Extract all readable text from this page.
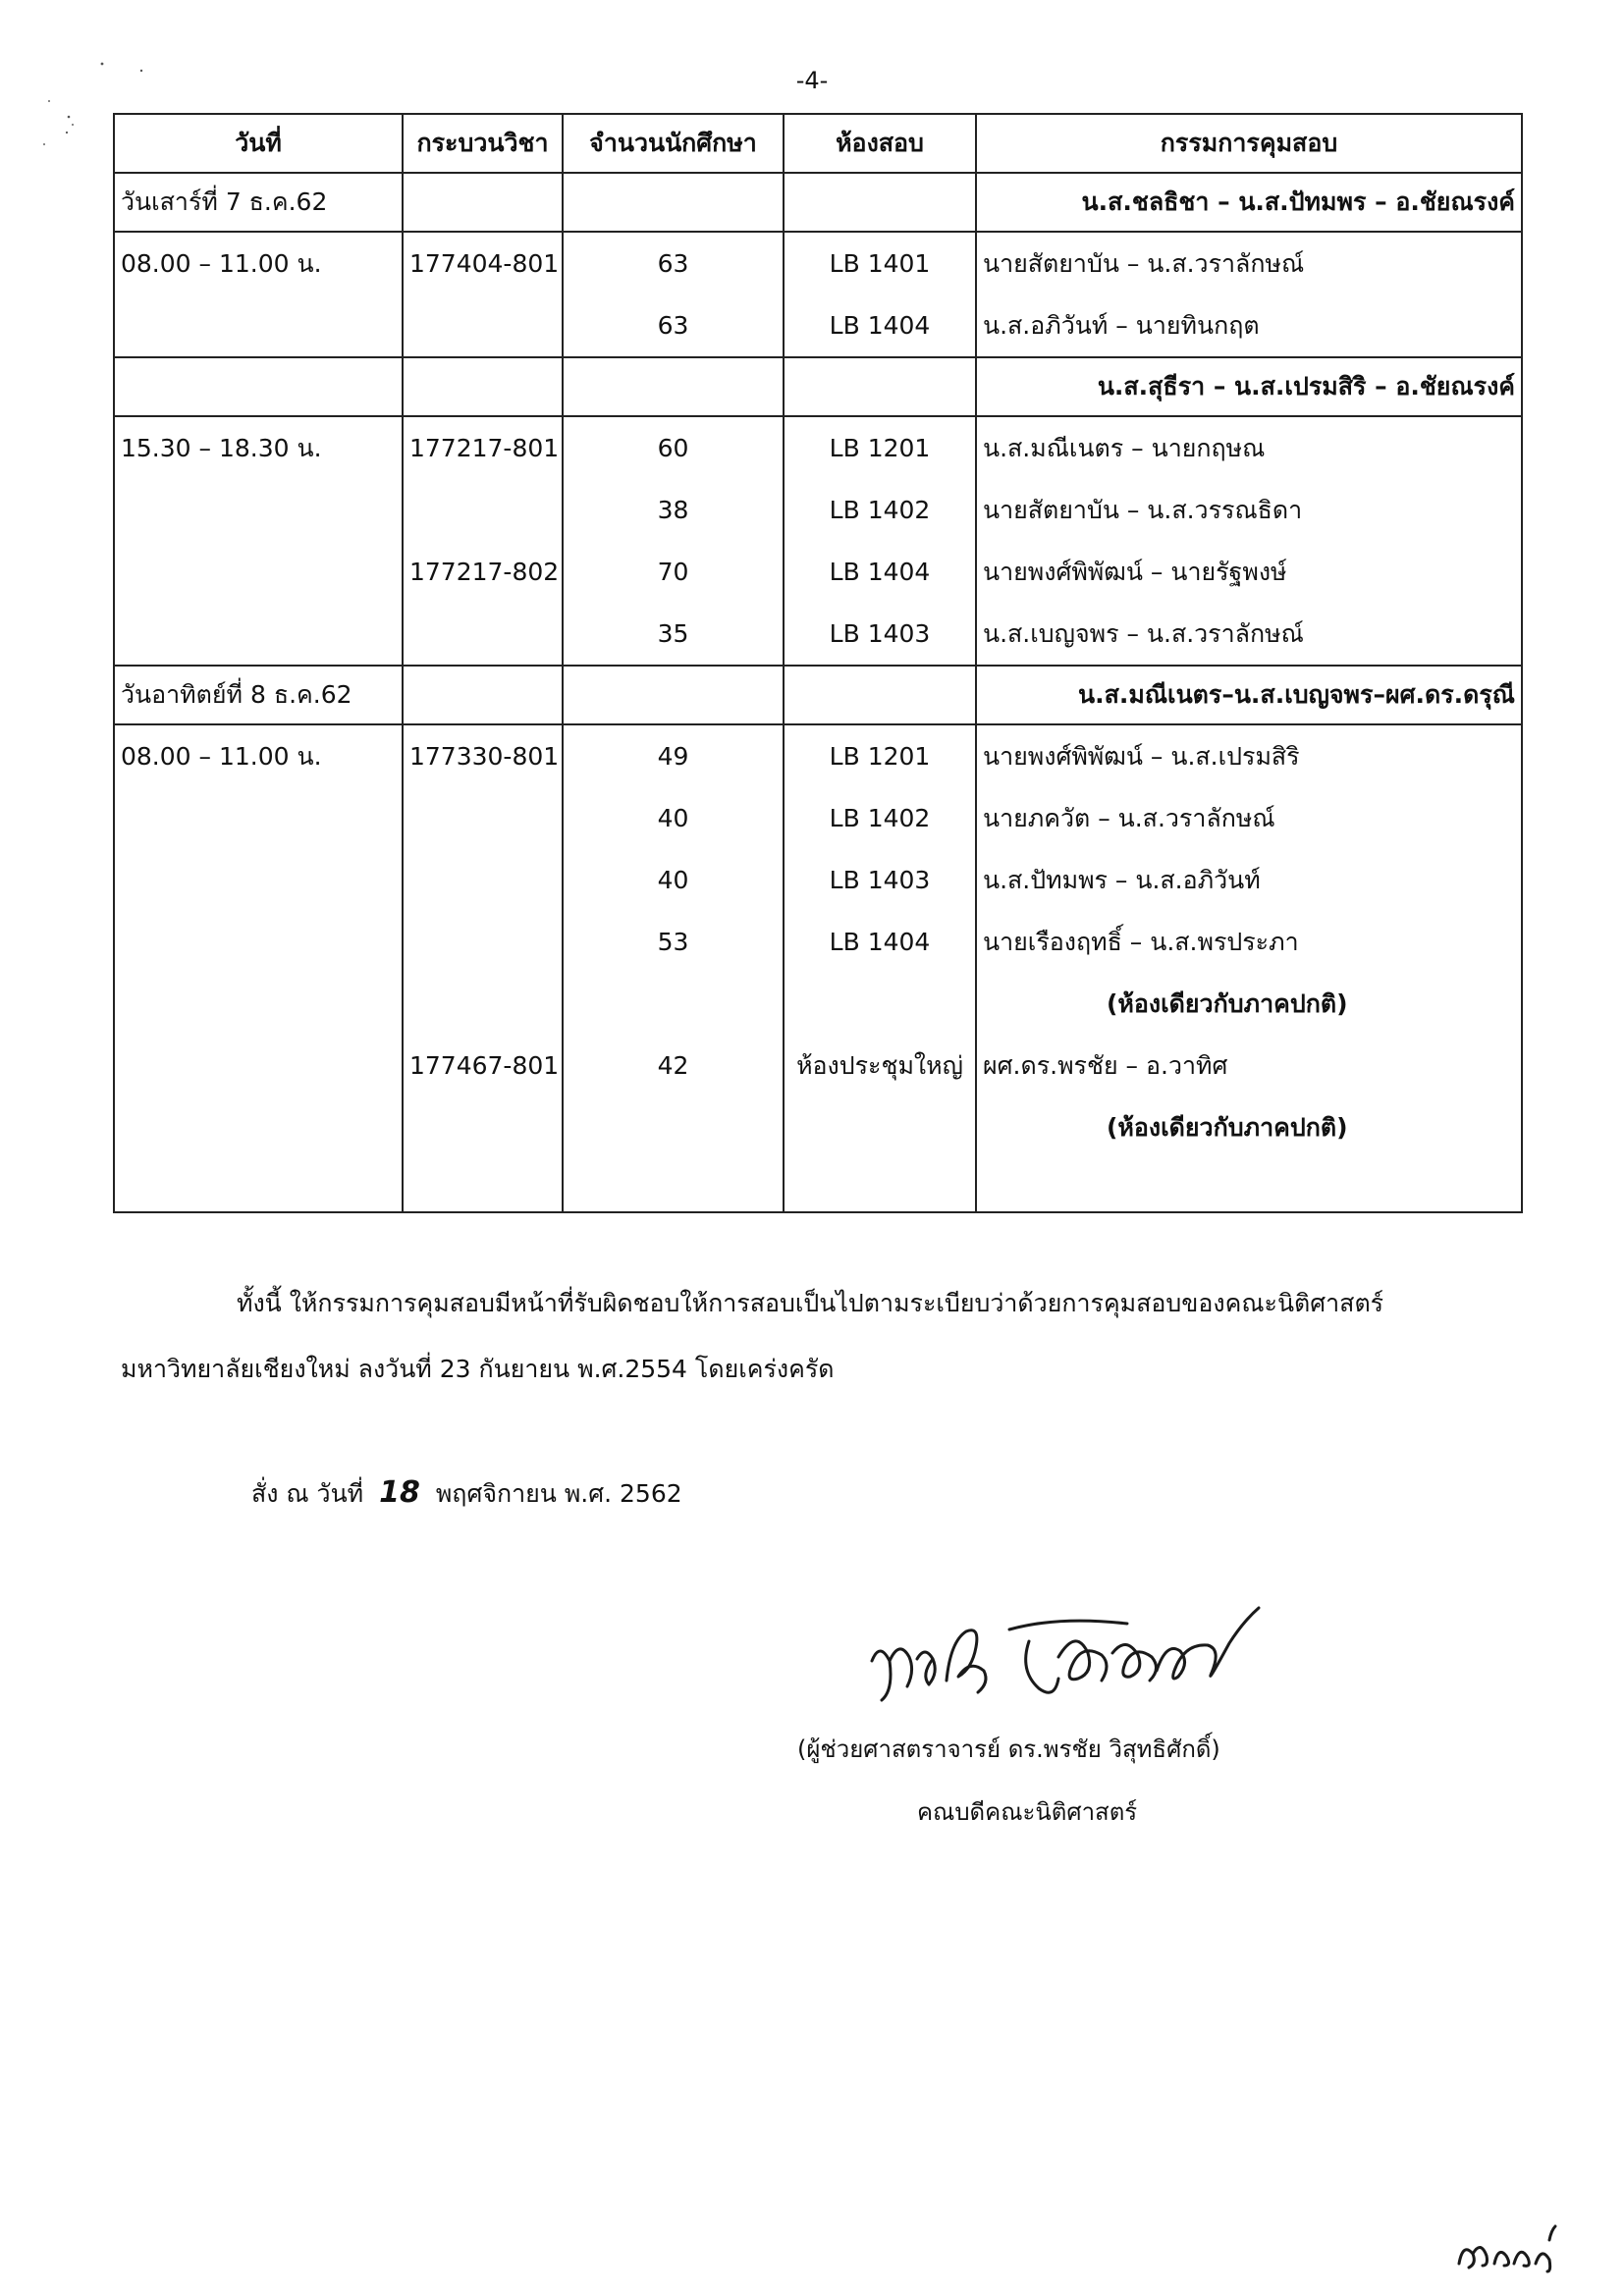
-4-
วันที่	กระบวนวิชา	จำนวนนักศึกษา	ห้องสอบ	กรรมการคุมสอบ
วันเสาร์ที่ 7 ธ.ค.62				น.ส.ชลธิชา – น.ส.ปัทมพร – อ.ชัยณรงค์
08.00 – 11.00 น.	177404-801	63	LB 1401	นายสัตยาบัน – น.ส.วราลักษณ์
		63	LB 1404	น.ส.อภิวันท์ – นายทินกฤต
				น.ส.สุธีรา – น.ส.เปรมสิริ – อ.ชัยณรงค์
15.30 – 18.30 น.	177217-801	60	LB 1201	น.ส.มณีเนตร – นายกฤษณ
		38	LB 1402	นายสัตยาบัน – น.ส.วรรณธิดา
	177217-802	70	LB 1404	นายพงศ์พิพัฒน์ – นายรัฐพงษ์
		35	LB 1403	น.ส.เบญจพร – น.ส.วราลักษณ์
วันอาทิตย์ที่ 8 ธ.ค.62				น.ส.มณีเนตร–น.ส.เบญจพร–ผศ.ดร.ดรุณี
08.00 – 11.00 น.	177330-801	49	LB 1201	นายพงศ์พิพัฒน์ – น.ส.เปรมสิริ
		40	LB 1402	นายภควัต – น.ส.วราลักษณ์
		40	LB 1403	น.ส.ปัทมพร – น.ส.อภิวันท์
		53	LB 1404	นายเรืองฤทธิ์ – น.ส.พรประภา
				(ห้องเดียวกับภาคปกติ)
	177467-801	42	ห้องประชุมใหญ่	ผศ.ดร.พรชัย – อ.วาทิศ
				(ห้องเดียวกับภาคปกติ)

ทั้งนี้ ให้กรรมการคุมสอบมีหน้าที่รับผิดชอบให้การสอบเป็นไปตามระเบียบว่าด้วยการคุมสอบของคณะนิติศาสตร์
มหาวิทยาลัยเชียงใหม่ ลงวันที่ 23 กันยายน พ.ศ.2554 โดยเคร่งครัด
สั่ง ณ วันที่ 18 พฤศจิกายน พ.ศ. 2562
(ผู้ช่วยศาสตราจารย์ ดร.พรชัย วิสุทธิศักดิ์)
คณบดีคณะนิติศาสตร์
